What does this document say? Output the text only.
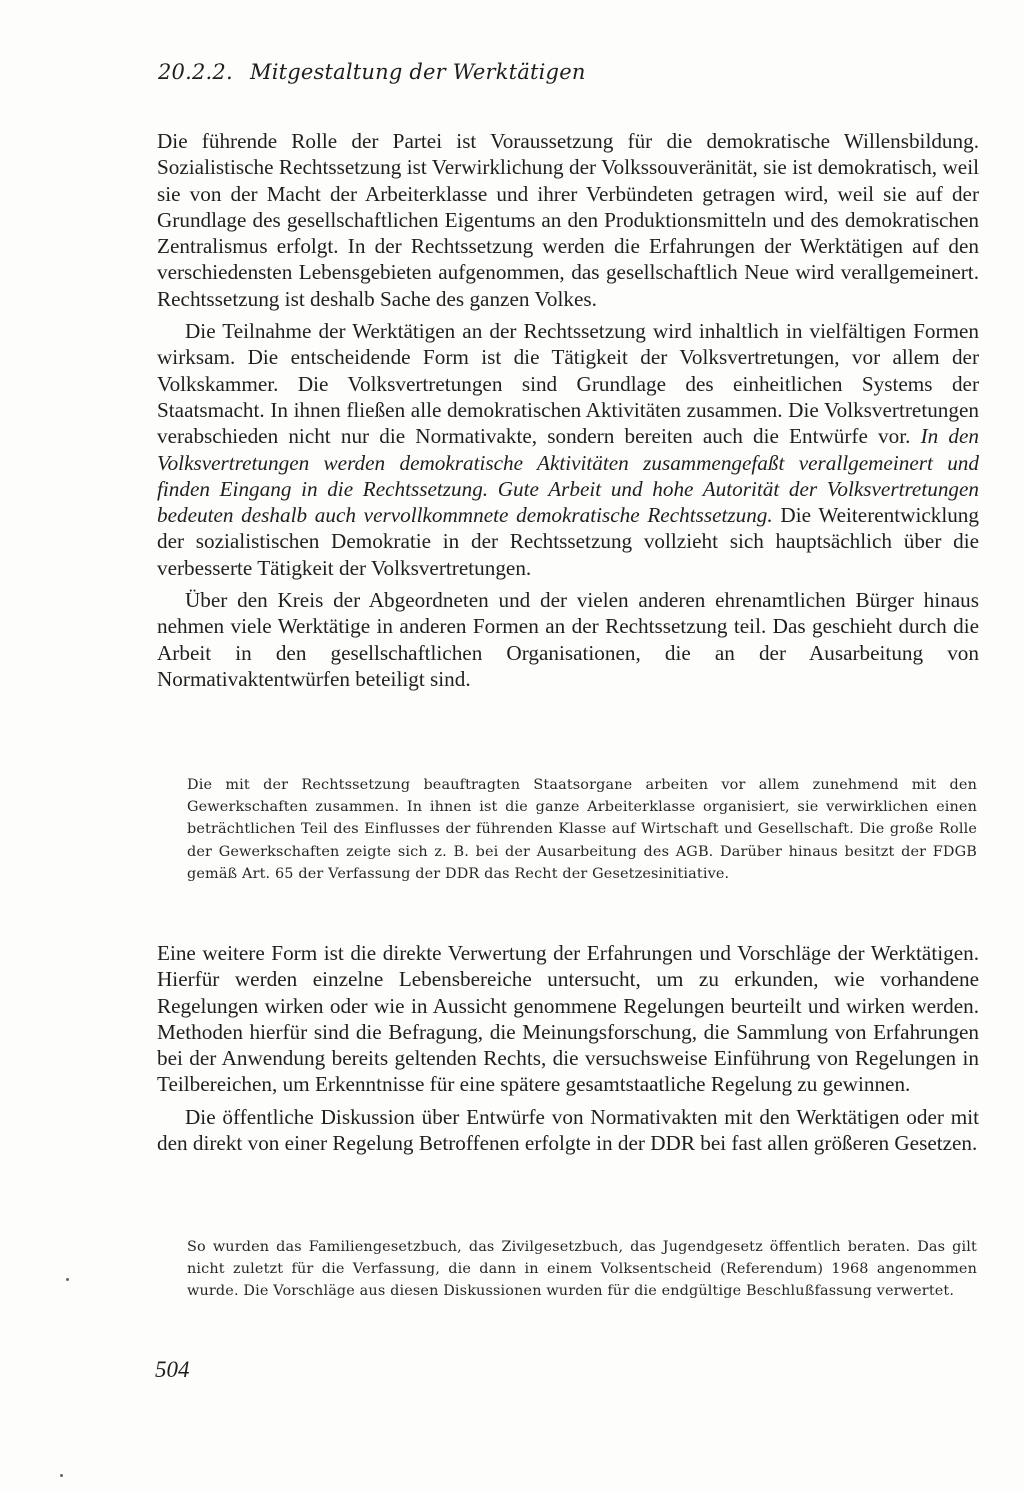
20.2.2. Mitgestaltung der Werktätigen

Die führende Rolle der Partei ist Voraussetzung für die demokratische Willensbildung. Sozialistische Rechtssetzung ist Verwirklichung der Volkssouveränität, sie ist demokratisch, weil sie von der Macht der Arbeiterklasse und ihrer Verbündeten getragen wird, weil sie auf der Grundlage des gesellschaftlichen Eigentums an den Produktionsmitteln und des demokratischen Zentralismus erfolgt. In der Rechtssetzung werden die Erfahrungen der Werktätigen auf den verschiedensten Lebensgebieten aufgenommen, das gesellschaftlich Neue wird verallgemeinert. Rechtssetzung ist deshalb Sache des ganzen Volkes.

Die Teilnahme der Werktätigen an der Rechtssetzung wird inhaltlich in vielfältigen Formen wirksam. Die entscheidende Form ist die Tätigkeit der Volksvertretungen, vor allem der Volkskammer. Die Volksvertretungen sind Grundlage des einheitlichen Systems der Staatsmacht. In ihnen fließen alle demokratischen Aktivitäten zusammen. Die Volksvertretungen verabschieden nicht nur die Normativakte, sondern bereiten auch die Entwürfe vor. In den Volksvertretungen werden demokratische Aktivitäten zusammengefaßt verallgemeinert und finden Eingang in die Rechtssetzung. Gute Arbeit und hohe Autorität der Volksvertretungen bedeuten deshalb auch vervollkommnete demokratische Rechtssetzung. Die Weiterentwicklung der sozialistischen Demokratie in der Rechtssetzung vollzieht sich hauptsächlich über die verbesserte Tätigkeit der Volksvertretungen.

Über den Kreis der Abgeordneten und der vielen anderen ehrenamtlichen Bürger hinaus nehmen viele Werktätige in anderen Formen an der Rechtssetzung teil. Das geschieht durch die Arbeit in den gesellschaftlichen Organisationen, die an der Ausarbeitung von Normativaktentwürfen beteiligt sind.

Die mit der Rechtssetzung beauftragten Staatsorgane arbeiten vor allem zunehmend mit den Gewerkschaften zusammen. In ihnen ist die ganze Arbeiterklasse organisiert, sie verwirklichen einen beträchtlichen Teil des Einflusses der führenden Klasse auf Wirtschaft und Gesellschaft. Die große Rolle der Gewerkschaften zeigte sich z. B. bei der Ausarbeitung des AGB. Darüber hinaus besitzt der FDGB gemäß Art. 65 der Verfassung der DDR das Recht der Gesetzesinitiative.

Eine weitere Form ist die direkte Verwertung der Erfahrungen und Vorschläge der Werktätigen. Hierfür werden einzelne Lebensbereiche untersucht, um zu erkunden, wie vorhandene Regelungen wirken oder wie in Aussicht genommene Regelungen beurteilt und wirken werden. Methoden hierfür sind die Befragung, die Meinungsforschung, die Sammlung von Erfahrungen bei der Anwendung bereits geltenden Rechts, die versuchsweise Einführung von Regelungen in Teilbereichen, um Erkenntnisse für eine spätere gesamtstaatliche Regelung zu gewinnen.

Die öffentliche Diskussion über Entwürfe von Normativakten mit den Werktätigen oder mit den direkt von einer Regelung Betroffenen erfolgte in der DDR bei fast allen größeren Gesetzen.

So wurden das Familiengesetzbuch, das Zivilgesetzbuch, das Jugendgesetz öffentlich beraten. Das gilt nicht zuletzt für die Verfassung, die dann in einem Volksentscheid (Referendum) 1968 angenommen wurde. Die Vorschläge aus diesen Diskussionen wurden für die endgültige Beschlußfassung verwertet.

504
